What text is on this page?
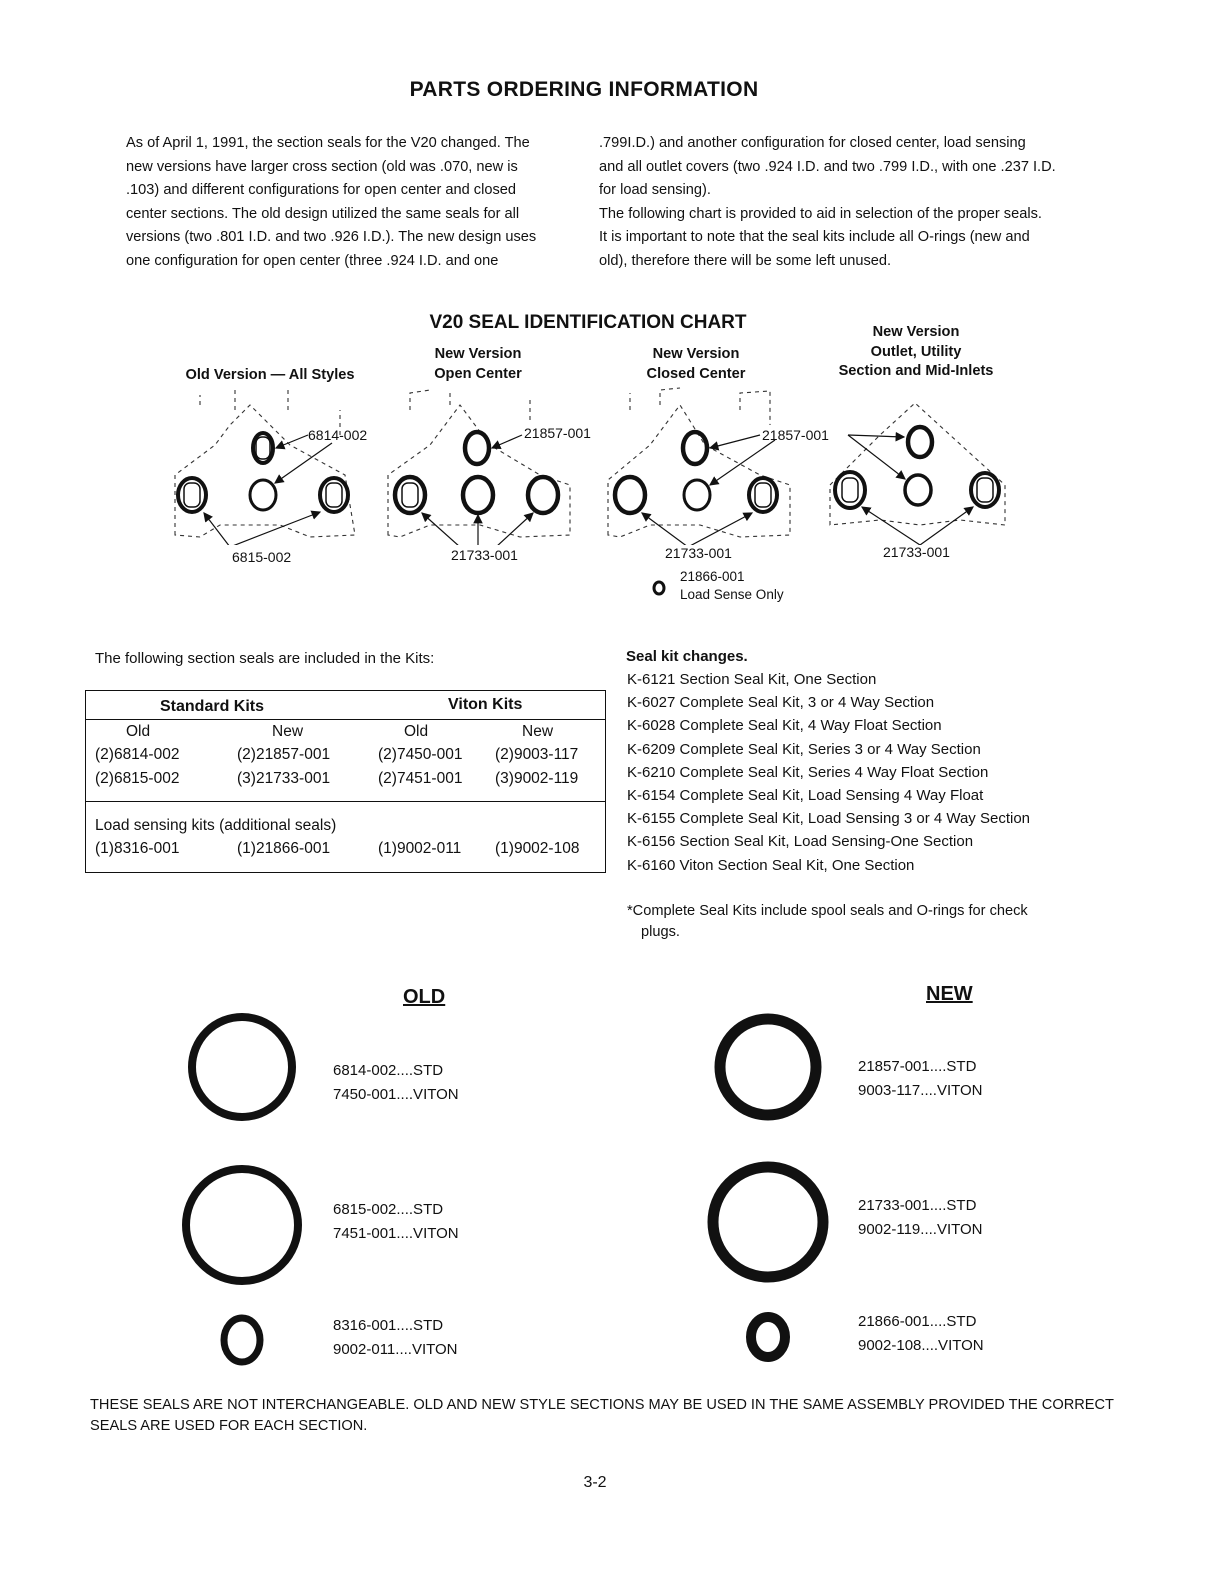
PARTS ORDERING INFORMATION

As of April 1, 1991, the section seals for the V20 changed. The

new versions have larger cross section (old was .070, new is

.103) and different configurations for open center and closed

center sections. The old design utilized the same seals for all

versions (two .801 I.D. and two .926 I.D.). The new design uses

one configuration for open center (three .924 I.D. and one

.799I.D.) and another configuration for closed center, load sensing

and all outlet covers (two .924 I.D. and two .799 I.D., with one .237 I.D.

for load sensing).

The following chart is provided to aid in selection of the proper seals.

It is important to note that the seal kits include all O-rings (new and

old), therefore there will be some left unused.

V20 SEAL IDENTIFICATION CHART
Old Version — All Styles
New Version
Open Center
New Version
Closed Center
New Version
Outlet, Utility
Section and Mid-Inlets
6814-002
6815-002
21857-001
21733-001
21857-001
21733-001	21733-001
21866-001
Load Sense Only
The following section seals are included in the Kits:
Standard Kits	Viton Kits
Old	New	Old	New
(2)6814-002	(2)21857-001	(2)7450-001 (2)9003-117
(2)6815-002	(3)21733-001	(2)7451-001 (3)9002-119
Load sensing kits (additional seals)
(1)8316-001	(1)21866-001	(1)9002-011 (1)9002-108
Seal kit changes.
K-6121 Section Seal Kit, One Section
K-6027 Complete Seal Kit, 3 or 4 Way Section
K-6028 Complete Seal Kit, 4 Way Float Section
K-6209 Complete Seal Kit, Series 3 or 4 Way Section
K-6210 Complete Seal Kit, Series 4 Way Float Section
K-6154 Complete Seal Kit, Load Sensing 4 Way Float
K-6155 Complete Seal Kit, Load Sensing 3 or 4 Way Section
K-6156 Section Seal Kit, Load Sensing-One Section
K-6160 Viton Section Seal Kit, One Section
*Complete Seal Kits include spool seals and O-rings for check
plugs.
OLD	NEW
6814-002....STD
7450-001....VITON
6815-002....STD
7451-001....VITON
8316-001....STD
9002-011....VITON
21857-001....STD
9003-117....VITON
21733-001....STD
9002-119....VITON
21866-001....STD
9002-108....VITON
THESE SEALS ARE NOT INTERCHANGEABLE. OLD AND NEW STYLE SECTIONS MAY BE USED IN THE SAME ASSEMBLY PROVIDED THE CORRECT SEALS ARE USED FOR EACH SECTION.
3-2
